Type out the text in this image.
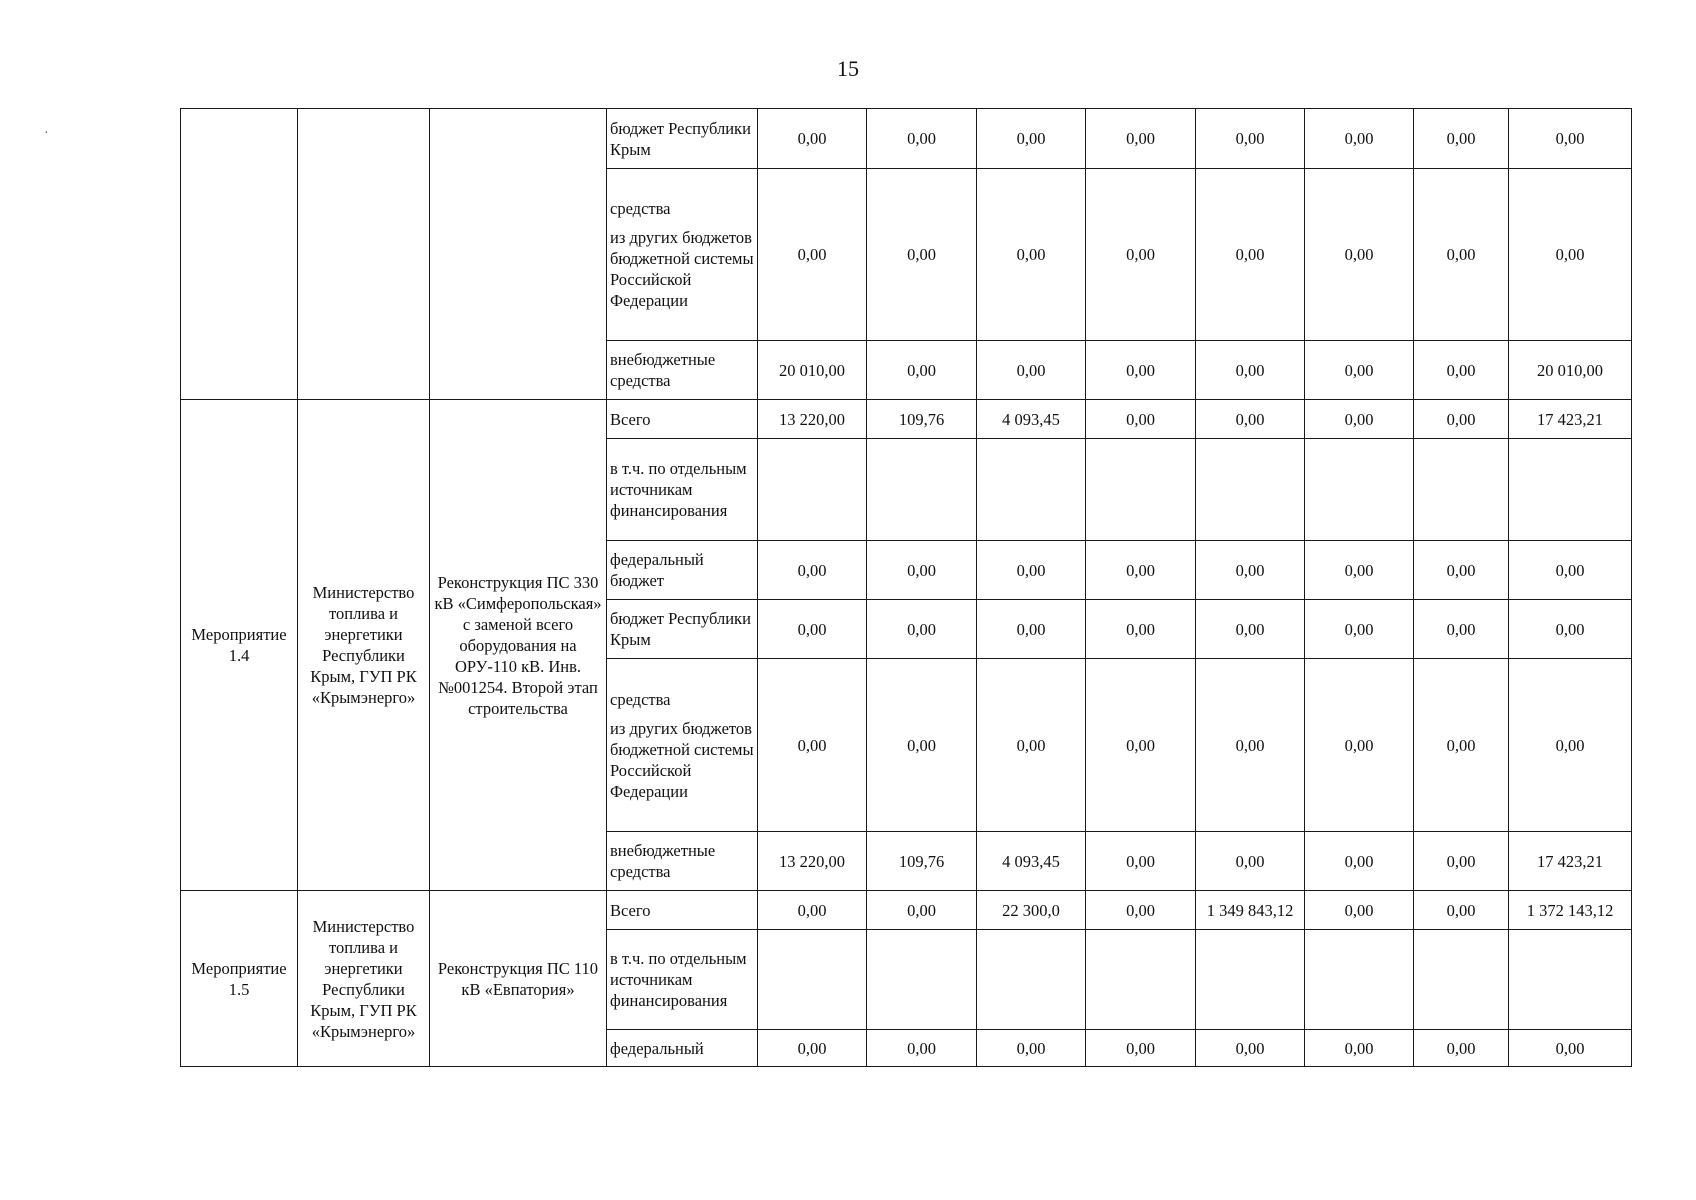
15
·
				бюджет Республики Крым	0,00	0,00	0,00	0,00	0,00	0,00	0,00	0,00
			средства
из других бюджетов бюджетной системы Российской Федерации	0,00	0,00	0,00	0,00	0,00	0,00	0,00	0,00
			внебюджетные средства	20 010,00	0,00	0,00	0,00	0,00	0,00	0,00	20 010,00
Мероприятие 1.4	Министерство топлива и энергетики Республики Крым, ГУП РК «Крымэнерго»	Реконструкция ПС 330 кВ «Симферопольская» с заменой всего оборудования на ОРУ-110 кВ. Инв. №001254. Второй этап строительства	Всего	13 220,00	109,76	4 093,45	0,00	0,00	0,00	0,00	17 423,21
			в т.ч. по отдельным источникам финансирования								
			федеральный бюджет	0,00	0,00	0,00	0,00	0,00	0,00	0,00	0,00
			бюджет Республики Крым	0,00	0,00	0,00	0,00	0,00	0,00	0,00	0,00
			средства
из других бюджетов бюджетной системы Российской Федерации	0,00	0,00	0,00	0,00	0,00	0,00	0,00	0,00
			внебюджетные средства	13 220,00	109,76	4 093,45	0,00	0,00	0,00	0,00	17 423,21
Мероприятие 1.5	Министерство топлива и энергетики Республики Крым, ГУП РК «Крымэнерго»	Реконструкция ПС 110 кВ «Евпатория»	Всего	0,00	0,00	22 300,0	0,00	1 349 843,12	0,00	0,00	1 372 143,12
			в т.ч. по отдельным источникам финансирования								
			федеральный	0,00	0,00	0,00	0,00	0,00	0,00	0,00	0,00
